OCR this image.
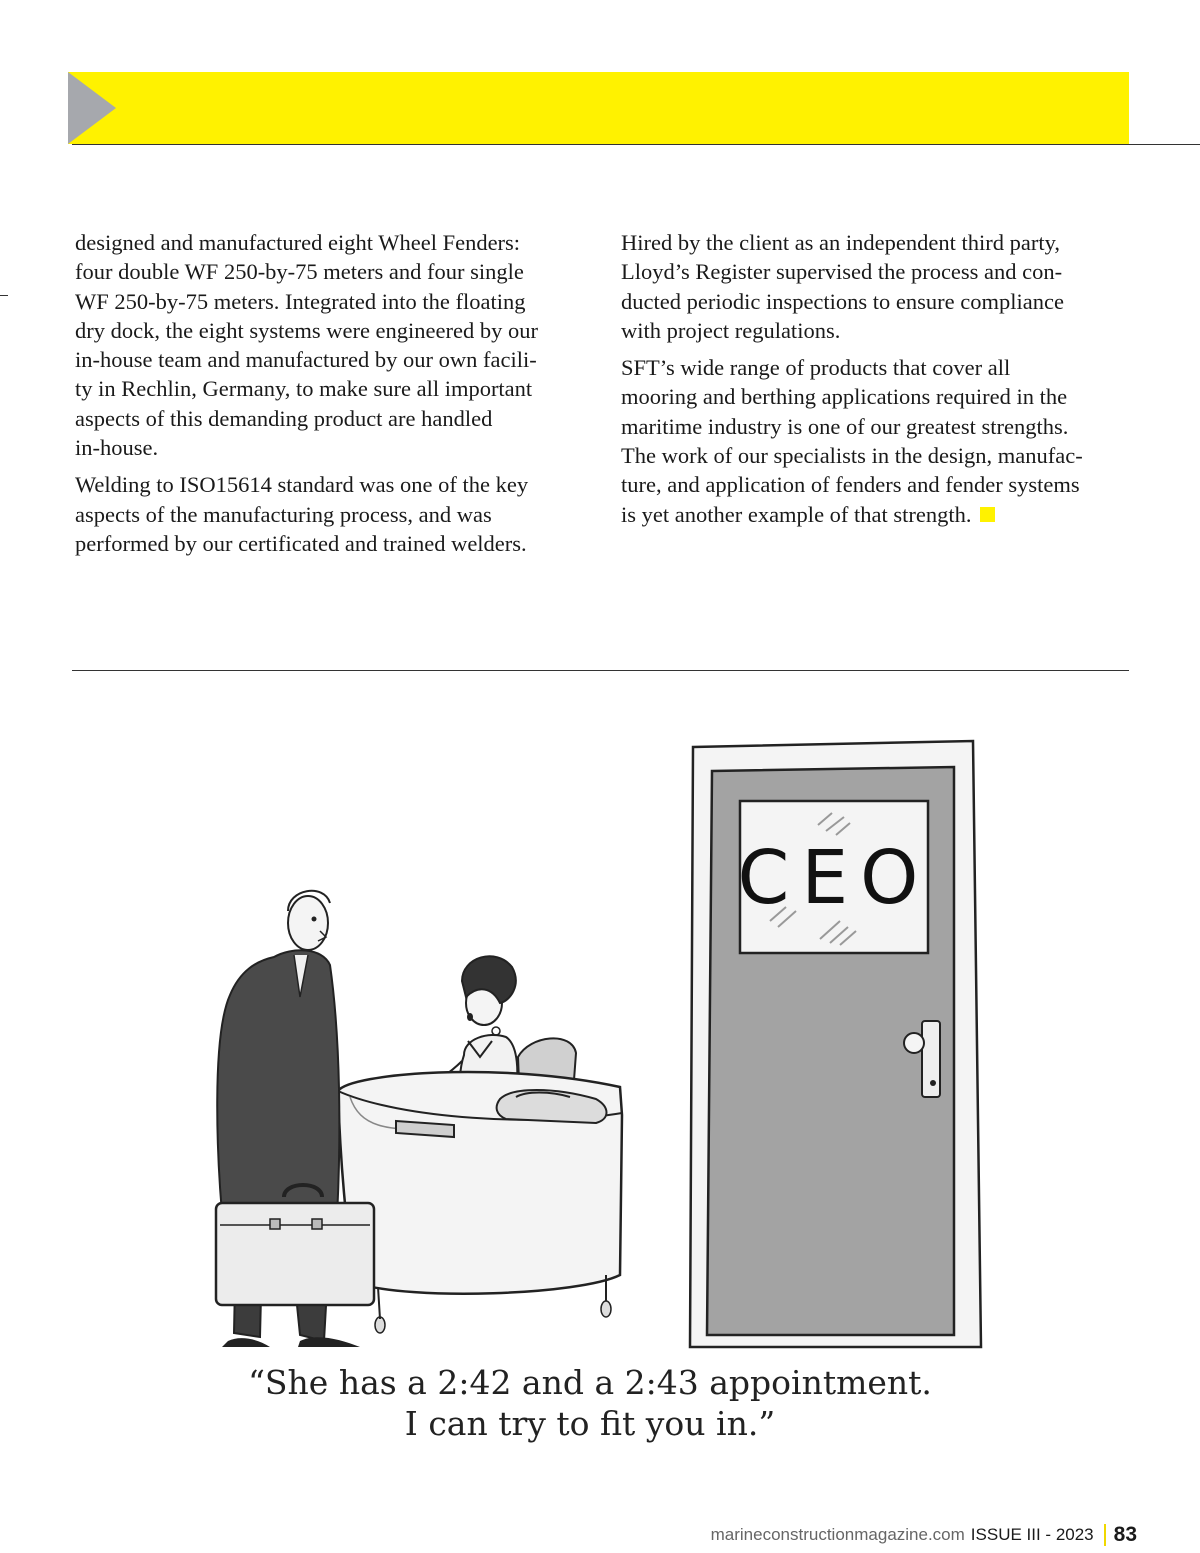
designed and manufactured eight Wheel Fenders:
four double WF 250-by-75 meters and four single
WF 250-by-75 meters. Integrated into the floating
dry dock, the eight systems were engineered by our
in-house team and manufactured by our own facili-
ty in Rechlin, Germany, to make sure all important
aspects of this demanding product are handled
in-house.

Welding to ISO15614 standard was one of the key
aspects of the manufacturing process, and was
performed by our certificated and trained welders.

Hired by the client as an independent third party,
Lloyd’s Register supervised the process and con-
ducted periodic inspections to ensure compliance
with project regulations.

SFT’s wide range of products that cover all
mooring and berthing applications required in the
maritime industry is one of our greatest strengths.
The work of our specialists in the design, manufac-
ture, and application of fenders and fender systems
is yet another example of that strength.

CEO
“She has a 2:42 and a 2:43 appointment.
I can try to fit you in.”
marineconstructionmagazine.com ISSUE III - 2023 83
